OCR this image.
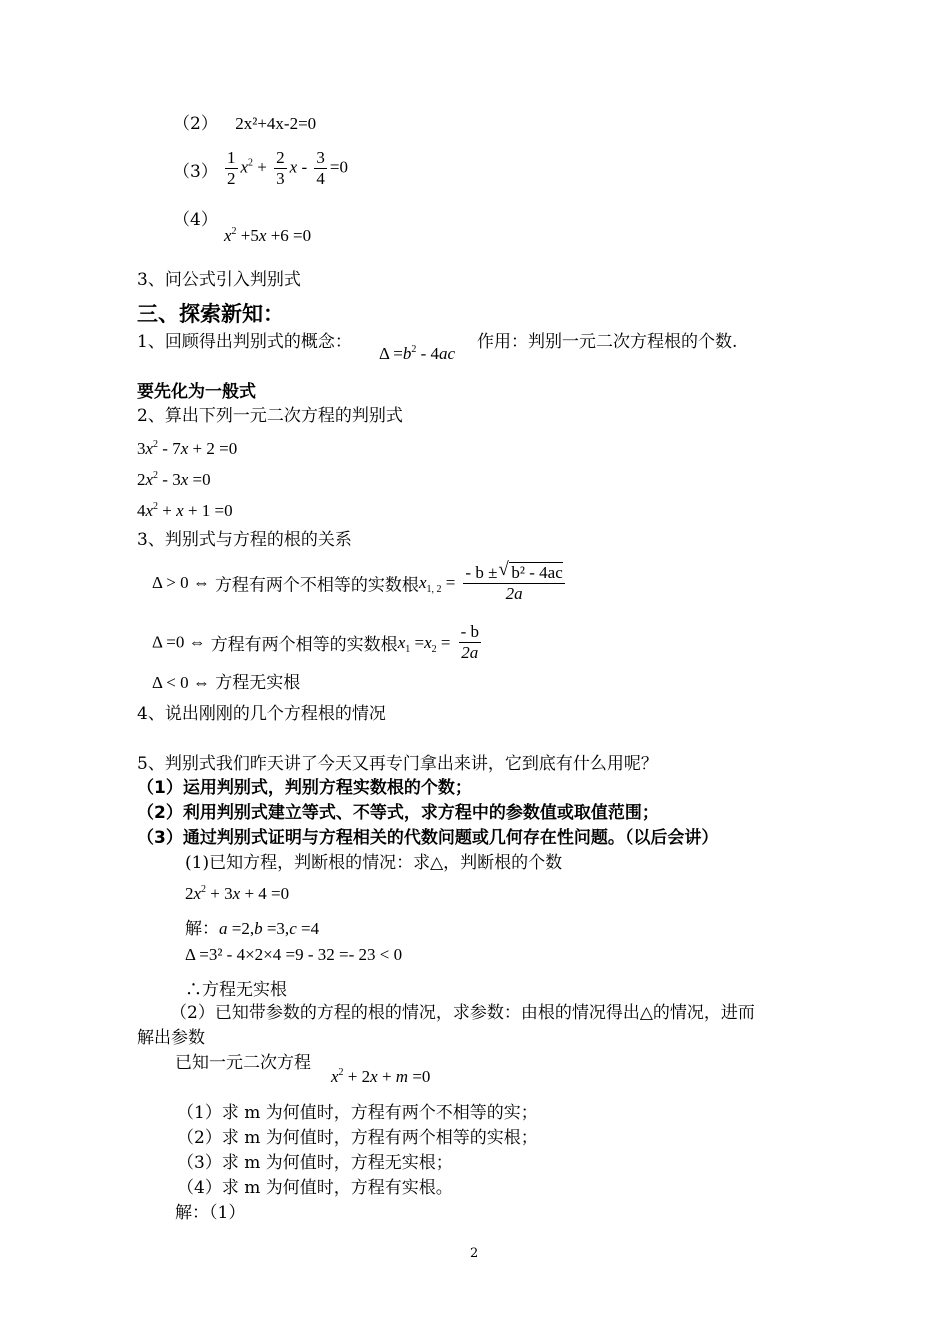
（2） 2x²+4x-2=0
$(3) \frac{1}{2} x^2 + \frac{2}{3}$ $x - \frac{3}{4} =0$
（4）
$x^2 +5x +6 =0$
3、问公式引入判别式
三、探索新知：
1、回顾得出判别式的概念：
$\Delta =b^2 - 4ac$
作用：判别一元二次方程根的个数.
要先化为一般式
2、算出下列一元二次方程的判别式
$3x^2 - 7x + 2 =0$
$2x^2 - 3x =0$
$4x^2 + x + 1 =0$
3、判别式与方程的根的关系
Δ > 0 ⇔ 方程有两个不相等的实数根$x_{1, 2} = \frac{\text{- b ±√ b² - 4ac}}{2a}$
Δ =0 ⇔ 方程有两个相等的实数根$x_1 =x_2 = \frac{- b}{2a}$
Δ < 0 ⇔ 方程无实根
4、说出刚刚的几个方程根的情况
5、判别式我们昨天讲了今天又再专门拿出来讲，它到底有什么用呢？
（1）运用判别式，判别方程实数根的个数；
（2）利用判别式建立等式、不等式，求方程中的参数值或取值范围；
（3）通过判别式证明与方程相关的代数问题或几何存在性问题。（以后会讲）
(1)已知方程，判断根的情况：求△，判断根的个数
$2x^2 + 3x + 4 =0$
解：a =2,b =3,c =4
Δ =3² - 4×2×4 =9 - 32 =- 23 < 0
∴方程无实根
（2）已知带参数的方程的根的情况，求参数：由根的情况得出△的情况，进而
解出参数
已知一元二次方程
$x^2 + 2x + m =0$
（1）求 m 为何值时，方程有两个不相等的实；
（2）求 m 为何值时，方程有两个相等的实根；
（3）求 m 为何值时，方程无实根；
（4）求 m 为何值时，方程有实根。
解：（1）
2
